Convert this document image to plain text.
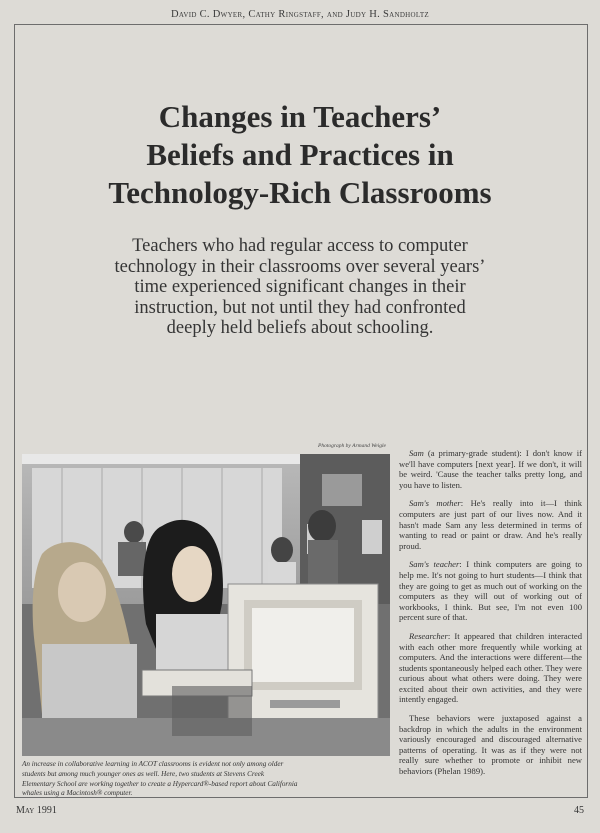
David C. Dwyer, Cathy Ringstaff, and Judy H. Sandholtz
Changes in Teachers’
Beliefs and Practices in
Technology-Rich Classrooms
Teachers who had regular access to computer
technology in their classrooms over several years’
time experienced significant changes in their
instruction, but not until they had confronted
deeply held beliefs about schooling.
Photograph by Armand Weigle
An increase in collaborative learning in ACOT classrooms is evident not only among older
students but among much younger ones as well. Here, two students at Stevens Creek
Elementary School are working together to create a Hypercard®-based report about California
whales using a Macintosh® computer.

Sam (a primary-grade student): I don't know if we'll have computers [next year]. If we don't, it will be weird. 'Cause the teacher talks pretty long, and you have to listen.

Sam's mother: He's really into it—I think computers are just part of our lives now. And it hasn't made Sam any less determined in terms of wanting to read or paint or draw. And he's really proud.

Sam's teacher: I think computers are going to help me. It's not going to hurt students—I think that they are going to get as much out of working on the computers as they will out of working out of workbooks, I think. But see, I'm not even 100 percent sure of that.

Researcher: It appeared that children interacted with each other more frequently while working at computers. And the interactions were different—the students spontaneously helped each other. They were curious about what others were doing. They were excited about their own activities, and they were intently engaged.

These behaviors were juxtaposed against a backdrop in which the adults in the environment variously encouraged and discouraged alternative patterns of operating. It was as if they were not really sure whether to promote or inhibit new behaviors (Phelan 1989).

May 1991	45
